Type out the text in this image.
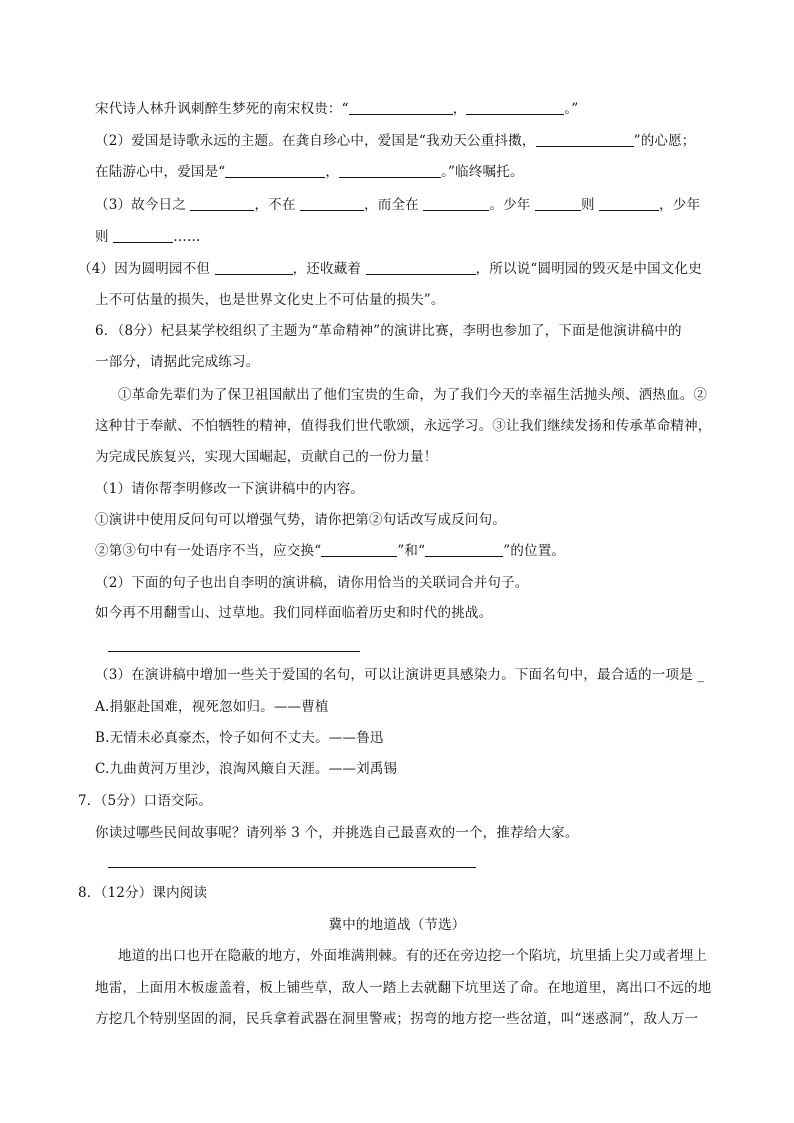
宋代诗人林升讽刺醉生梦死的南宋权贵：“	，	。”
（2）爱国是诗歌永远的主题。在龚自珍心中，爱国是“我劝天公重抖擞，	”的心愿；
在陆游心中，爱国是“	，	。”临终嘱托。
（3）故今日之	，不在	，而全在	。少年	则	，少年
则	……
（4）因为圆明园不但	，还收藏着	，所以说“圆明园的毁灭是中国文化史
上不可估量的损失，也是世界文化史上不可估量的损失”。
6．（8分）杞县某学校组织了主题为“革命精神”的演讲比赛，李明也参加了，下面是他演讲稿中的
一部分，请据此完成练习。
①革命先辈们为了保卫祖国献出了他们宝贵的生命，为了我们今天的幸福生活抛头颅、洒热血。②
这种甘于奉献、不怕牺牲的精神，值得我们世代歌颂，永远学习。③让我们继续发扬和传承革命精神，
为完成民族复兴，实现大国崛起，贡献自己的一份力量！
（1）请你帮李明修改一下演讲稿中的内容。
①演讲中使用反问句可以增强气势，请你把第②句话改写成反问句。
②第③句中有一处语序不当，应交换“	”和“	”的位置。
（2）下面的句子也出自李明的演讲稿，请你用恰当的关联词合并句子。
如今再不用翻雪山、过草地。我们同样面临着历史和时代的挑战。
（3）在演讲稿中增加一些关于爱国的名句，可以让演讲更具感染力。下面名句中，最合适的一项是 _
A.捐躯赴国难，视死忽如归。——曹植
B.无情未必真豪杰，怜子如何不丈夫。——鲁迅
C.九曲黄河万里沙，浪淘风簸自天涯。——刘禹锡
7．（5分）口语交际。
你读过哪些民间故事呢？请列举 3 个，并挑选自己最喜欢的一个，推荐给大家。
8．（12分）课内阅读
冀中的地道战（节选）
地道的出口也开在隐蔽的地方，外面堆满荆棘。有的还在旁边挖一个陷坑，坑里插上尖刀或者埋上
地雷，上面用木板虚盖着，板上铺些草，敌人一踏上去就翻下坑里送了命。在地道里，离出口不远的地
方挖几个特别坚固的洞，民兵拿着武器在洞里警戒；拐弯的地方挖一些岔道，叫“迷惑洞”，敌人万一
